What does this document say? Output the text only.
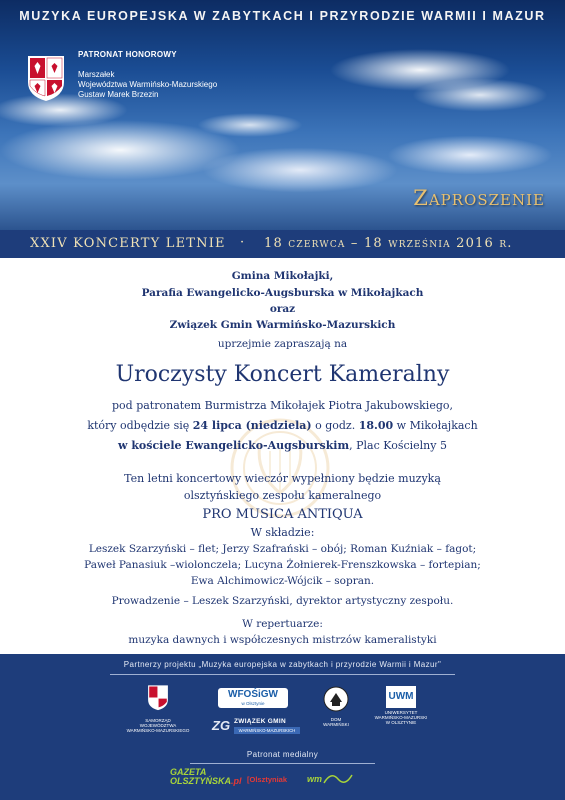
MUZYKA EUROPEJSKA W ZABYTKACH I PRZYRODZIE WARMII I MAZUR
PATRONAT HONOROWY
Marszałek
Województwa Warmińsko-Mazurskiego
Gustaw Marek Brzezin
Zaproszenie
XXIV KONCERTY LETNIE · 18 czerwca – 18 września 2016 r.
Gmina Mikołajki,
Parafia Ewangelicko-Augsburska w Mikołajkach
oraz
Związek Gmin Warmińsko-Mazurskich
uprzejmie zapraszają na
Uroczysty Koncert Kameralny
pod patronatem Burmistrza Mikołajek Piotra Jakubowskiego,
który odbędzie się 24 lipca (niedziela) o godz. 18.00 w Mikołajkach
w kościele Ewangelicko-Augsburskim, Plac Kościelny 5
Ten letni koncertowy wieczór wypełniony będzie muzyką
olsztyńskiego zespołu kameralnego
PRO MUSICA ANTIQUA
W składzie:
Leszek Szarzyński – flet; Jerzy Szafrański – obój; Roman Kuźniak – fagot;
Paweł Panasiuk –wiolonczela; Lucyna Żołnierek-Frenszkowska – fortepian;
Ewa Alchimowicz-Wójcik – sopran.
Prowadzenie – Leszek Szarzyński, dyrektor artystyczny zespołu.
W repertuarze:
muzyka dawnych i współczesnych mistrzów kameralistyki
Partnerzy projektu „Muzyka europejska w zabytkach i przyrodzie Warmii i Mazur"
SAMORZĄD
WOJEWÓDZTWA
WARMIŃSKO-MAZURSKIEGO
WFOŚiGW
w Olsztynie
ZG ZWIĄZEK GMIN
WARMIŃSKO-MAZURSKICH
DOM
WARMIŃSKI
UWM
UNIWERSYTET
WARMIŃSKO-MAZURSKI
W OLSZTYNIE
Patronat medialny
GAZETA
OLSZTYŃSKA.pl [Olsztyniak	wm
